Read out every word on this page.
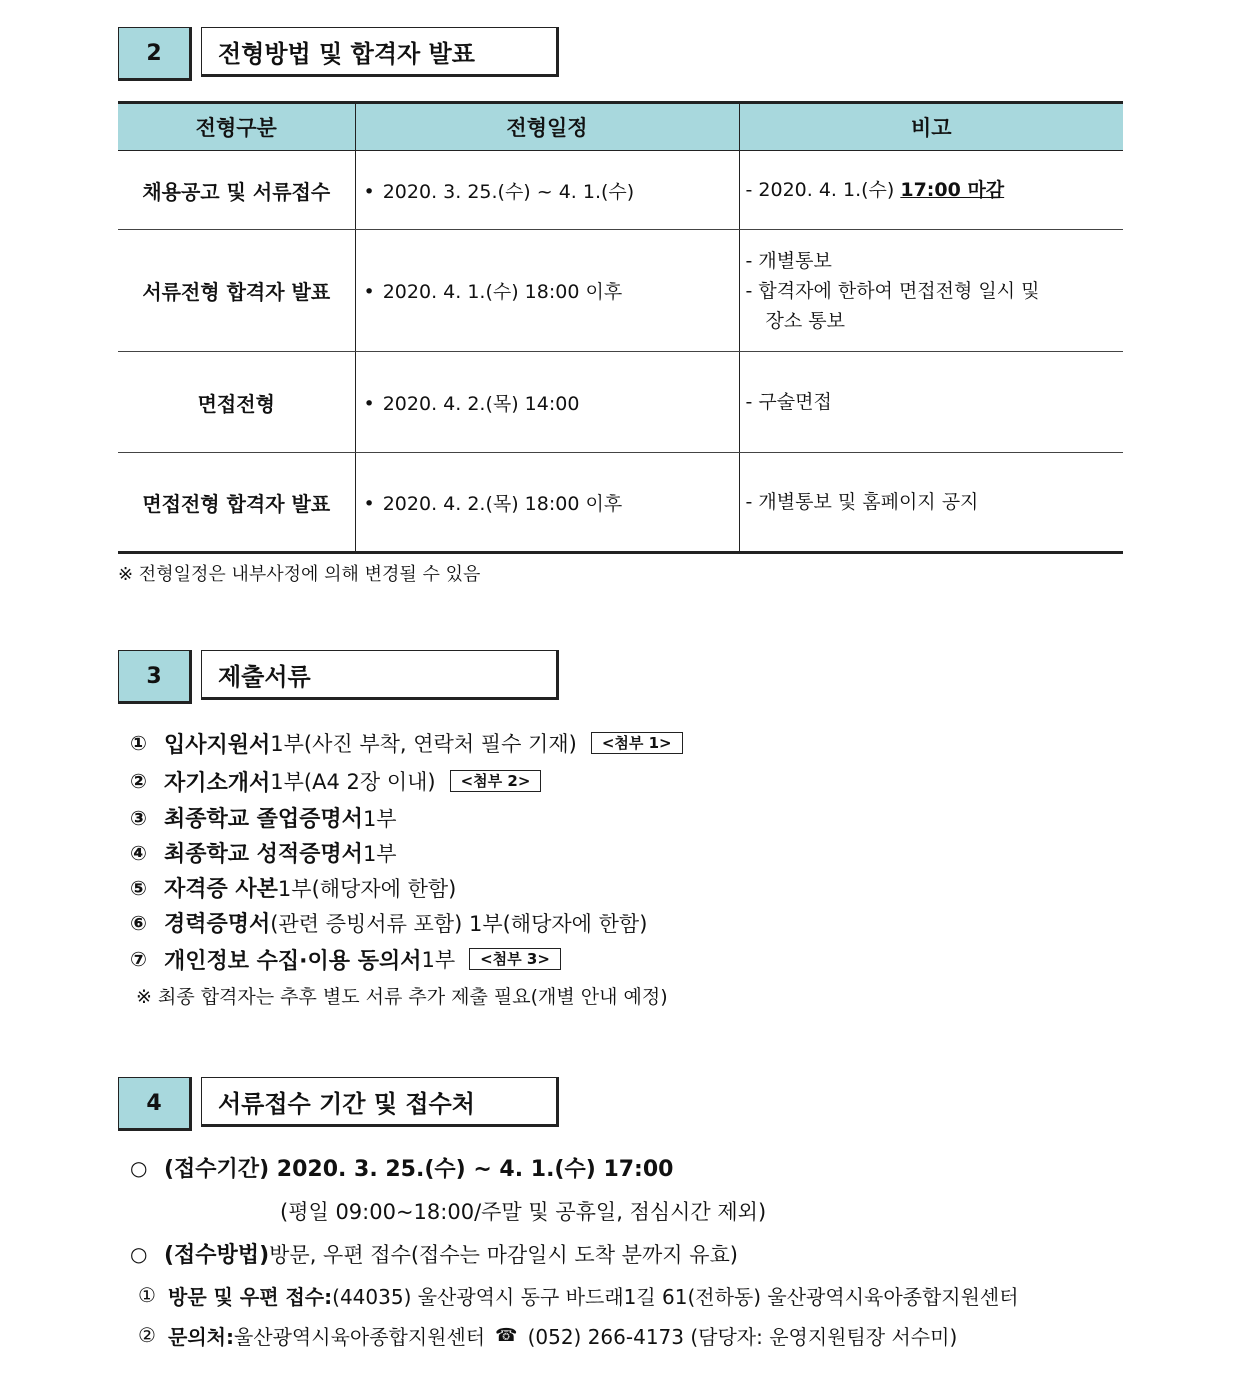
2	전형방법 및 합격자 발표
전형구분	전형일정	비고
채용공고 및 서류접수	• 2020. 3. 25.(수) ~ 4. 1.(수)	- 2020. 4. 1.(수) 17:00 마감
서류전형 합격자 발표	• 2020. 4. 1.(수) 18:00 이후	- 개별통보
- 합격자에 한하여 면접전형 일시 및
장소 통보

면접전형	• 2020. 4. 2.(목) 14:00	- 구술면접
면접전형 합격자 발표	• 2020. 4. 2.(목) 18:00 이후	- 개별통보 및 홈페이지 공지
※ 전형일정은 내부사정에 의해 변경될 수 있음
3	제출서류
① 입사지원서 1부(사진 부착, 연락처 필수 기재)	<첨부 1>
② 자기소개서 1부(A4 2장 이내)	<첨부 2>
③ 최종학교 졸업증명서 1부
④ 최종학교 성적증명서 1부
⑤ 자격증 사본 1부(해당자에 한함)
⑥ 경력증명서 (관련 증빙서류 포함) 1부(해당자에 한함)
⑦ 개인정보 수집·이용 동의서 1부	<첨부 3>
※ 최종 합격자는 추후 별도 서류 추가 제출 필요(개별 안내 예정)
4	서류접수 기간 및 접수처
○ (접수기간) 2020. 3. 25.(수) ~ 4. 1.(수) 17:00
(평일 09:00~18:00/주말 및 공휴일, 점심시간 제외)
○ (접수방법) 방문, 우편 접수(접수는 마감일시 도착 분까지 유효)
① 방문 및 우편 접수: (44035) 울산광역시 동구 바드래1길 61(전하동) 울산광역시육아종합지원센터
② 문의처: 울산광역시육아종합지원센터 ☎ (052) 266-4173 (담당자: 운영지원팀장 서수미)
